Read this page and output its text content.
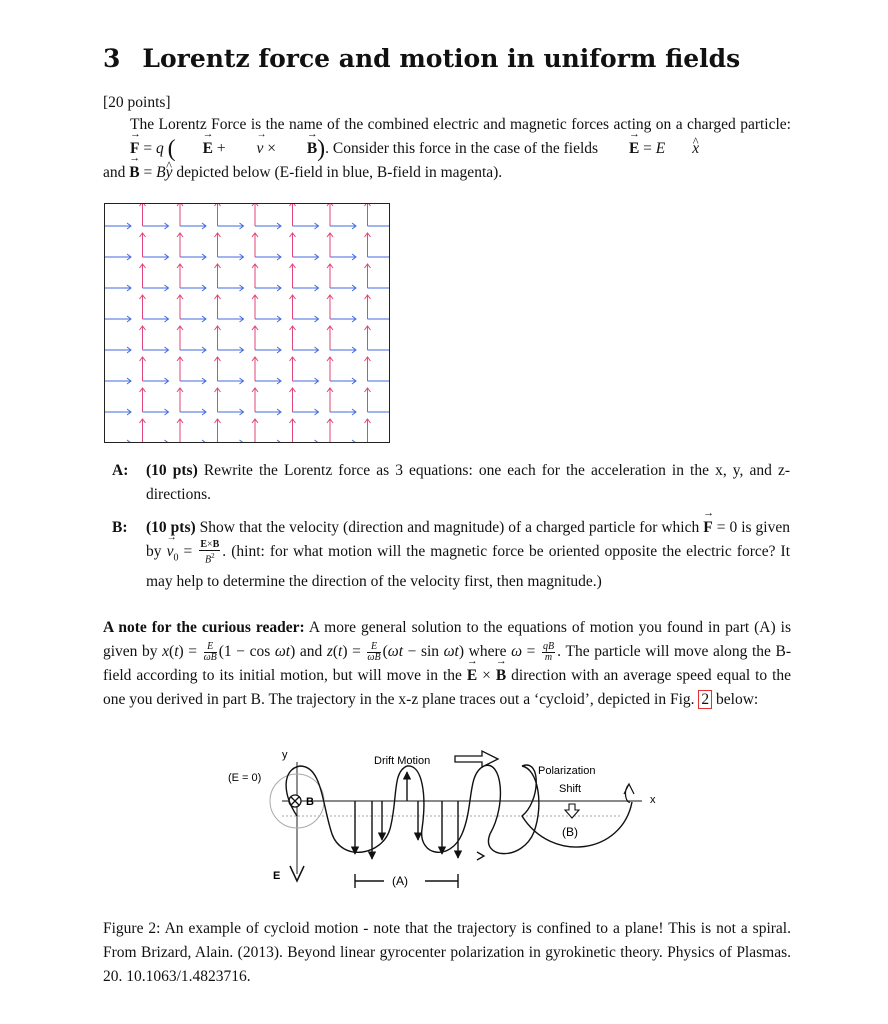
3 Lorentz force and motion in uniform fields
[20 points]

The Lorentz Force is the name of the combined electric and magnetic forces acting on a charged particle: → F = q ( → E + → v × → B). Consider this force in the case of the fields → E = E ^ x

and → B = B^ y depicted below (E-field in blue, B-field in magenta).
A: (10 pts) Rewrite the Lorentz force as 3 equations: one each for the acceleration in the x, y, and z-directions.
B: (10 pts) Show that the velocity (direction and magnitude) of a charged particle for which → F = 0 is given by → $v_0 = \frac{E\times B}{B^2}$ . (hint: for what motion will the magnetic force be oriented opposite the electric force? It may help to determine the direction of the velocity first, then magnitude.)
A note for the curious reader: A more general solution to the equations of motion you found in part (A) is given by $x(t) = \frac{E}{\omega B} (1 - \cos \omega t)$ and $z(t) = \frac{E}{\omega B} (\omega t - \sin \omega t)$ where $\omega = \frac{qB}{m}$ . The particle will move along the B-field according to its initial motion, but will move in the → E × → B direction with an average speed equal to the one you derived in part B. The trajectory in the x-z plane traces out a ‘cycloid’, depicted in Fig. 2 below:
y
x
(E = 0)
B
E
Drift Motion
Polarization
Shift
(B)
(A)
Figure 2: An example of cycloid motion - note that the trajectory is confined to a plane! This is not a spiral. From Brizard, Alain. (2013). Beyond linear gyrocenter polarization in gyrokinetic theory. Physics of Plasmas. 20. 10.1063/1.4823716.
